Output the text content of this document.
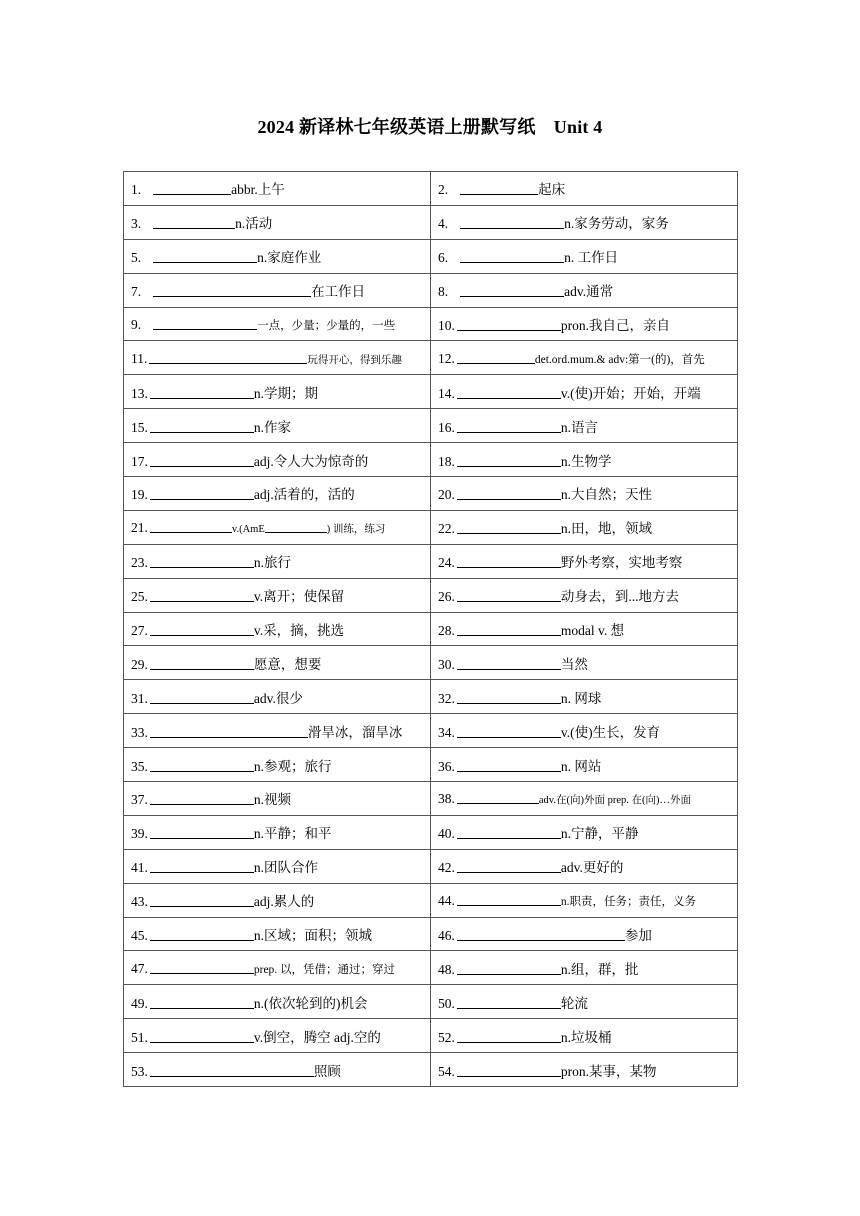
2024 新译林七年级英语上册默写纸　Unit 4
1. abbr.上午	2. 起床
3. n.活动	4. n.家务劳动，家务
5. n.家庭作业	6. n. 工作日
7. 在工作日	8. adv.通常
9. 一点，少量；少量的，一些	10. pron.我自己，亲自
11. 玩得开心，得到乐趣	12. det.ord.mum.& adv:第一(的)，首先
13. n.学期；期	14. v.(使)开始；开始，开端
15. n.作家	16. n.语言
17. adj.令人大为惊奇的	18. n.生物学
19. adj.活着的，活的	20. n.大自然；天性
21. v.(AmE ) 训练，练习	22. n.田，地，领域
23. n.旅行	24. 野外考察，实地考察
25. v.离开；使保留	26. 动身去，到...地方去
27. v.采，摘，挑选	28. modal v. 想
29. 愿意，想要	30. 当然
31. adv.很少	32. n. 网球
33. 滑旱冰，溜旱冰	34. v.(使)生长，发育
35. n.参观；旅行	36. n. 网站
37. n.视频	38. adv.在(向)外面 prep. 在(向)…外面
39. n.平静；和平	40. n.宁静，平静
41. n.团队合作	42. adv.更好的
43. adj.累人的	44. n.职责，任务；责任，义务
45. n.区域；面积；领城	46. 参加
47. prep. 以，凭借；通过；穿过	48. n.组，群，批
49. n.(依次轮到的)机会	50. 轮流
51. v.倒空，腾空 adj.空的	52. n.垃圾桶
53. 照顾	54. pron.某事，某物
